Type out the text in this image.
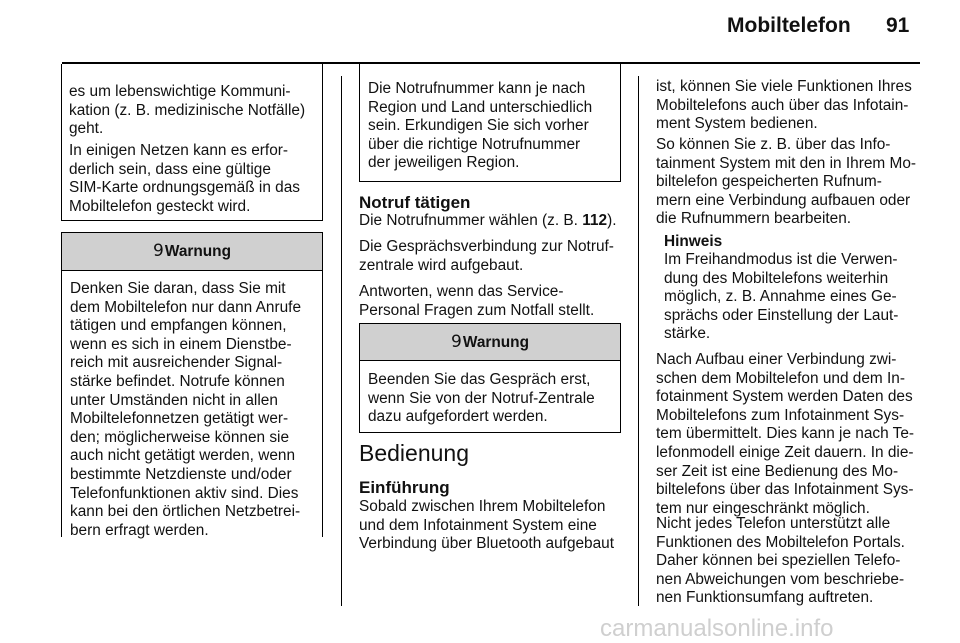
Mobiltelefon 91

es um lebenswichtige Kommuni-
kation (z. B. medizinische Notfälle)
geht.

In einigen Netzen kann es erfor-
derlich sein, dass eine gültige
SIM-Karte ordnungsgemäß in das
Mobiltelefon gesteckt wird.

9Warnung
Denken Sie daran, dass Sie mit
dem Mobiltelefon nur dann Anrufe
tätigen und empfangen können,
wenn es sich in einem Dienstbe-
reich mit ausreichender Signal-
stärke befindet. Notrufe können
unter Umständen nicht in allen
Mobiltelefonnetzen getätigt wer-
den; möglicherweise können sie
auch nicht getätigt werden, wenn
bestimmte Netzdienste und/oder
Telefonfunktionen aktiv sind. Dies
kann bei den örtlichen Netzbetrei-
bern erfragt werden.
Die Notrufnummer kann je nach
Region und Land unterschiedlich
sein. Erkundigen Sie sich vorher
über die richtige Notrufnummer
der jeweiligen Region.
Notruf tätigen

Die Notrufnummer wählen (z. B. 112).

Die Gesprächsverbindung zur Notruf-
zentrale wird aufgebaut.

Antworten, wenn das Service-
Personal Fragen zum Notfall stellt.

9Warnung
Beenden Sie das Gespräch erst,
wenn Sie von der Notruf-Zentrale
dazu aufgefordert werden.
Bedienung
Einführung

Sobald zwischen Ihrem Mobiltelefon
und dem Infotainment System eine
Verbindung über Bluetooth aufgebaut

ist, können Sie viele Funktionen Ihres
Mobiltelefons auch über das Infotain-
ment System bedienen.

So können Sie z. B. über das Info-
tainment System mit den in Ihrem Mo-
biltelefon gespeicherten Rufnum-
mern eine Verbindung aufbauen oder
die Rufnummern bearbeiten.

Hinweis

Im Freihandmodus ist die Verwen-
dung des Mobiltelefons weiterhin
möglich, z. B. Annahme eines Ge-
sprächs oder Einstellung der Laut-
stärke.

Nach Aufbau einer Verbindung zwi-
schen dem Mobiltelefon und dem In-
fotainment System werden Daten des
Mobiltelefons zum Infotainment Sys-
tem übermittelt. Dies kann je nach Te-
lefonmodell einige Zeit dauern. In die-
ser Zeit ist eine Bedienung des Mo-
biltelefons über das Infotainment Sys-
tem nur eingeschränkt möglich.

Nicht jedes Telefon unterstützt alle
Funktionen des Mobiltelefon Portals.
Daher können bei speziellen Telefo-
nen Abweichungen vom beschriebe-
nen Funktionsumfang auftreten.

carmanualsonline.info
